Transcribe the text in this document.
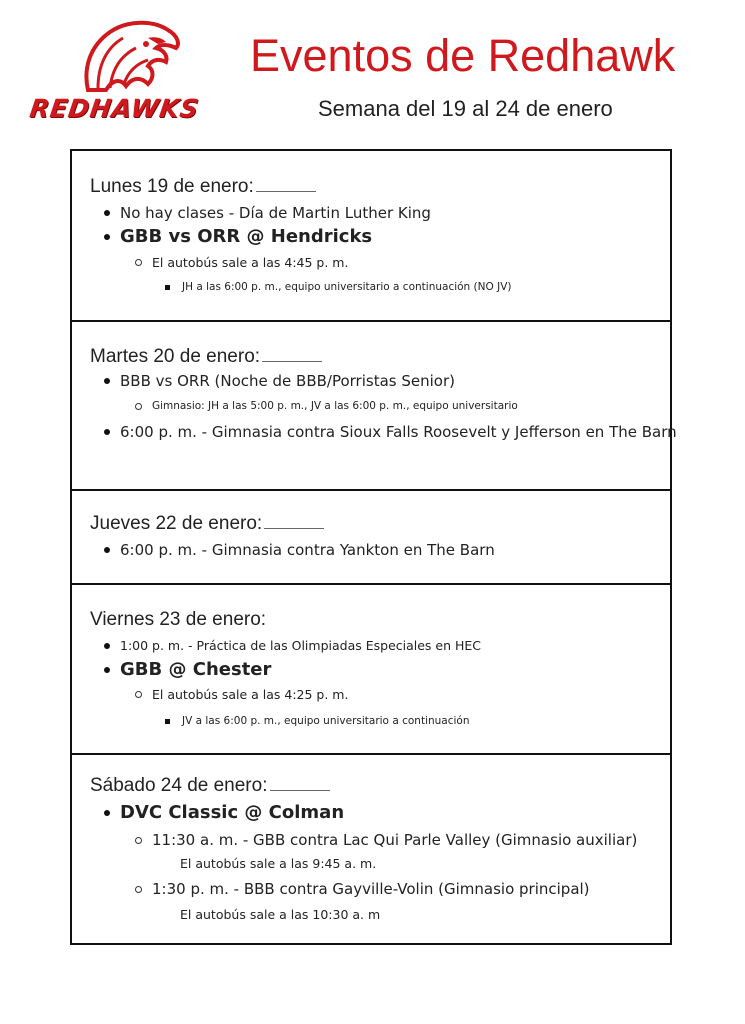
REDHAWKS
Eventos de Redhawk
Semana del 19 al 24 de enero
Lunes 19 de enero:
No hay clases - Día de Martin Luther King
GBB vs ORR @ Hendricks
El autobús sale a las 4:45 p. m.
JH a las 6:00 p. m., equipo universitario a continuación (NO JV)
Martes 20 de enero:
BBB vs ORR (Noche de BBB/Porristas Senior)
Gimnasio: JH a las 5:00 p. m., JV a las 6:00 p. m., equipo universitario
6:00 p. m. - Gimnasia contra Sioux Falls Roosevelt y Jefferson en The Barn
Jueves 22 de enero:
6:00 p. m. - Gimnasia contra Yankton en The Barn
Viernes 23 de enero:
1:00 p. m. - Práctica de las Olimpiadas Especiales en HEC
GBB @ Chester
El autobús sale a las 4:25 p. m.
JV a las 6:00 p. m., equipo universitario a continuación
Sábado 24 de enero:
DVC Classic @ Colman
11:30 a. m. - GBB contra Lac Qui Parle Valley (Gimnasio auxiliar)
El autobús sale a las 9:45 a. m.
1:30 p. m. - BBB contra Gayville-Volin (Gimnasio principal)
El autobús sale a las 10:30 a. m
